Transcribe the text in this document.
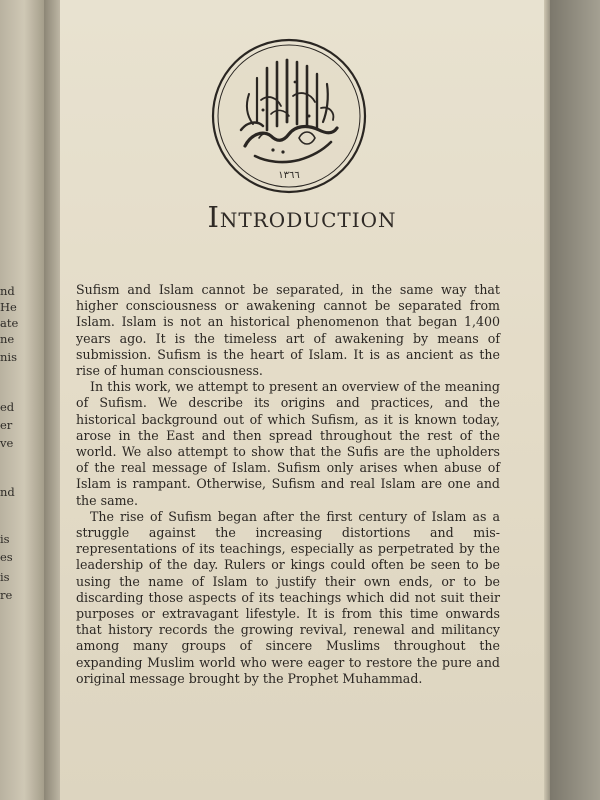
nd
He
ate
ne
nis
ed
er
ve
nd
is
es
is
re
١٣٦٦
Introduction

Sufism and Islam cannot be separated, in the same way that higher consciousness or awakening cannot be separated from Islam. Islam is not an historical phenomenon that began 1,400 years ago. It is the timeless art of awakening by means of submission. Sufism is the heart of Islam. It is as ancient as the rise of human consciousness.

In this work, we attempt to present an overview of the meaning of Sufism. We describe its origins and practices, and the historical background out of which Sufism, as it is known today, arose in the East and then spread throughout the rest of the world. We also attempt to show that the Sufis are the upholders of the real message of Islam. Sufism only arises when abuse of Islam is rampant. Otherwise, Sufism and real Islam are one and the same.

The rise of Sufism began after the first century of Islam as a struggle against the increasing distortions and mis-representations of its teachings, especially as perpetrated by the leadership of the day. Rulers or kings could often be seen to be using the name of Islam to justify their own ends, or to be discarding those aspects of its teachings which did not suit their purposes or extravagant lifestyle. It is from this time onwards that history records the growing revival, renewal and militancy among many groups of sincere Muslims throughout the expanding Muslim world who were eager to restore the pure and original message brought by the Prophet Muhammad.
